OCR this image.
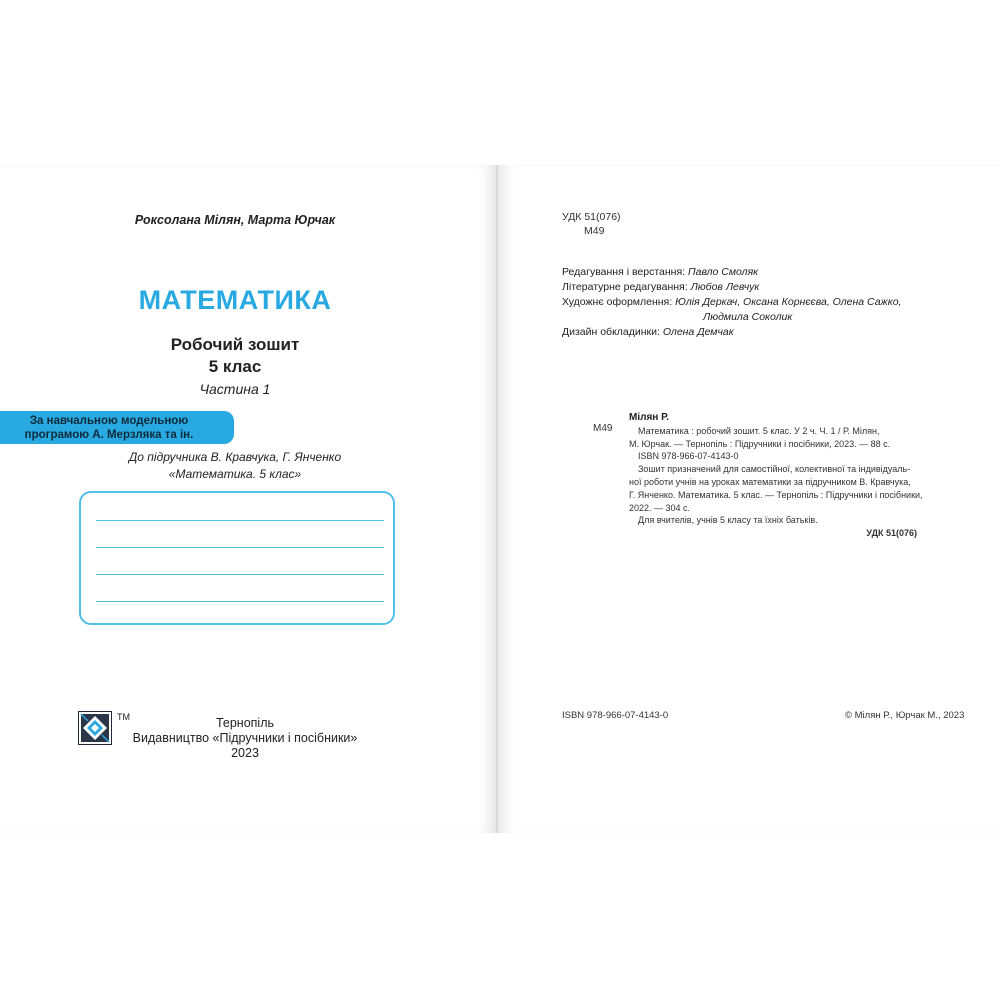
Роксолана Мілян, Марта Юрчак
МАТЕМАТИКА
Робочий зошит
5 клас
Частина 1
За навчальною модельною
програмою А. Мерзляка та ін.
До підручника В. Кравчука, Г. Янченко
«Математика. 5 клас»
TM	Тернопіль
Видавництво «Підручники і посібники»
2023
УДК 51(076)
М49
Редагування і верстання: Павло Смоляк
Літературне редагування: Любов Левчук
Художнє оформлення: Юлія Деркач, Оксана Корнєєва, Олена Сажко,
Людмила Соколик
Дизайн обкладинки: Олена Демчак
М49
Мілян Р.
Математика : робочий зошит. 5 клас. У 2 ч. Ч. 1 / Р. Мілян,
М. Юрчак. — Тернопіль : Підручники і посібники, 2023. — 88 с.
ISBN 978-966-07-4143-0
Зошит призначений для самостійної, колективної та індивідуаль-
ної роботи учнів на уроках математики за підручником В. Кравчука,
Г. Янченко. Математика. 5 клас. — Тернопіль : Підручники і посібники,
2022. — 304 с.
Для вчителів, учнів 5 класу та їхніх батьків.
УДК 51(076)
ISBN 978-966-07-4143-0	© Мілян Р., Юрчак М., 2023
